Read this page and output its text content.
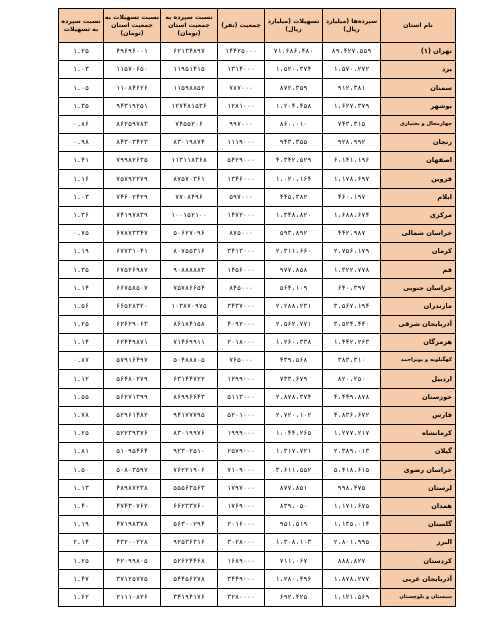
نام استان	سپرده‌ها (میلیارد ریال)	تسهیلات (میلیارد ریال)	جمعیت (نفر)	نسبت سپرده به جمعیت استان (تومان)	نسبت تسهیلات به جمعیت استان (تومان)	نسبت سپرده به تسهیلات
تهران (۱)	۸۹،۴۲۷،۵۵۹	۷۱،۶۸۶،۴۸۰	۱۴۴۲۵۰۰۰	۶۲۱۳۴۸۹۷	۴۹۶۹۶۰۰۱	۱.۲۵
یزد	۱،۵۷۰،۲۷۲	۱،۵۲۰،۳۷۴	۱۳۱۴۰۰۰	۱۱۹۵۱۴۱۵	۱۱۵۷۰۶۵۰	۱.۰۳
سمنان	۹۱۲،۳۸۱	۸۷۲،۳۵۹	۷۸۷۰۰۰	۱۱۵۹۸۸۵۲	۱۱۰۸۴۶۲۶	۱.۰۵
بوشهر	۱،۶۲۷،۳۷۹	۱،۲۰۴،۴۵۸	۱۲۸۱۰۰۰	۱۲۷۴۸۱۵۳۶	۹۴۳۱۹۲۵۱	۱.۳۵
چهارمحال و بختیاری	۷۴۳،۳۱۵	۸۶۰،۰۱۰	۹۹۷۰۰۰	۷۴۵۵۲۰۶	۸۶۲۵۹۷۸۳	۰.۸۶
زنجان	۹۲۸،۹۹۲	۹۴۳،۳۵۵	۱۱۱۹۰۰۰	۸۳۰۱۹۸۷۴	۸۴۳۰۳۴۲۳	۰.۹۸
اصفهان	۶،۱۴۱،۱۹۶	۴،۳۴۲،۵۲۹	۵۴۲۹۰۰۰	۱۱۳۱۱۸۳۶۸	۷۹۹۸۲۶۳۵	۱.۴۱
قزوین	۱،۱۷۸،۶۹۷	۱،۰۲۰،۱۶۴	۱۳۴۶۰۰۰	۸۷۵۷۰۳۶۱	۷۵۷۹۲۲۷۹	۱.۱۶
ایلام	۴۶۰،۱۹۷	۴۴۵،۳۸۲	۵۹۷۰۰۰	۷۷۰۸۴۹۶	۷۴۶۰۲۴۲۹	۱.۰۳
مرکزی	۱،۶۸۸،۶۷۴	۱،۳۴۸،۸۲۰	۱۴۷۲۰۰۰	۱۰۰۱۵۲۱۰۰	۷۴۱۹۷۸۳۹	۱.۳۶
خراسان شمالی	۴۴۲،۹۸۷	۵۹۳،۸۹۲	۸۷۵۰۰۰	۵۰۶۲۷۰۹۶	۶۷۸۷۳۳۴۷	۰.۷۵
کرمان	۲،۷۵۶،۱۷۹	۲،۳۱۱،۶۶۰	۳۴۱۳۰۰۰	۸۰۷۵۵۳۱۶	۶۷۷۳۱۰۴۱	۱.۱۹
قم	۱،۳۲۲،۷۷۸	۹۷۷،۸۵۸	۱۴۵۶۰۰۰	۹۰۸۸۸۸۸۳	۶۷۵۲۶۹۸۷	۱.۳۵
خراسان جنوبی	۶۴۰،۳۹۷	۵۶۴،۱۰۹	۸۴۵۰۰۰	۷۵۷۸۶۶۵۴	۶۶۷۵۸۵۰۷	۱.۱۴
مازندران	۳،۵۶۷،۱۹۴	۲،۲۸۸،۲۳۱	۳۴۳۷۰۰۰	۱۰۳۸۷۰۹۷۵	۶۶۵۲۸۳۲۰	۱.۵۶
آذربایجان شرقی	۳،۵۲۴،۴۴۰	۲،۵۶۲،۷۷۱	۴۰۹۲۰۰۰	۸۶۱۸۴۱۵۸	۶۲۶۲۹۰۶۳	۱.۲۵
هرمزگان	۱،۴۴۲،۲۶۳	۱،۲۶۰،۳۳۸	۲۰۱۸۰۰۰	۷۱۴۶۹۹۱۱	۶۲۴۴۹۸۷۱	۱.۱۴
کهگیلویه و بویراحمد	۳۸۳،۳۱۰	۴۳۹،۵۶۸	۷۶۵۰۰۰	۵۰۴۸۸۸۰۵	۵۷۹۱۶۴۹۷	۰.۸۷
اردبیل	۸۲۰،۲۵۰	۷۳۳،۶۷۹	۱۲۹۹۰۰۰	۶۳۱۴۴۷۲۲	۵۶۴۸۰۲۷۹	۱.۱۲
خوزستان	۴،۴۴۹،۸۷۸	۲،۸۷۸،۳۷۴	۵۱۱۳۰۰۰	۸۶۹۹۶۶۴۳	۵۶۲۷۱۳۹۹	۱.۵۵
فارس	۴،۸۳۶،۶۷۲	۲،۷۲۰،۱۰۲	۵۲۰۱۰۰۰	۹۴۱۷۷۷۹۵	۵۲۹۶۱۴۸۲	۱.۷۸
کرمانشاه	۱،۲۷۷،۲۱۷	۱،۰۴۴،۲۶۵	۱۹۹۹۰۰۰	۸۳۰۱۹۹۷۶	۵۲۲۳۹۳۷۶	۱.۲۵
گیلان	۲،۳۸۹،۰۱۳	۱،۳۱۷،۷۲۱	۲۵۷۹۰۰۰	۹۲۳۰۲۵۱۰	۵۱۰۹۵۴۶۴	۱.۸۱
خراسان رضوی	۵،۴۱۸،۶۱۵	۳،۶۱۱،۵۵۲	۷۱۰۹۰۰۰	۷۶۲۲۱۹۰۶	۵۰۸۰۳۵۹۷	۱.۵۰
لرستان	۹۹۸،۴۷۵	۸۷۷،۸۵۱	۱۷۹۷۰۰۰	۵۵۵۶۳۵۶۳	۴۸۹۸۷۲۳۸	۱.۱۳
همدان	۱،۱۷۱،۶۷۵	۸۳۹،۰۵۰	۱۷۶۹۰۰۰	۶۶۲۳۳۷۶۰	۴۷۴۳۰۷۶۲	۱.۴۰
گلستان	۱،۱۳۵،۰۱۴	۹۵۱،۵۱۹	۲۰۱۶۰۰۰	۵۶۳۰۰۲۹۴	۴۷۱۹۸۳۷۸	۱.۱۹
البرز	۲،۸۰۱،۹۹۵	۱،۳۰۸،۱۰۳	۳۰۲۸۰۰۰	۹۲۵۳۶۳۱۶	۴۳۲۰۰۲۲۸	۲.۱۴
کردستان	۸۸۸،۸۲۷	۷۱۱،۰۶۷	۱۶۸۹۰۰۰	۵۲۶۲۴۴۶۸	۴۲۰۹۹۸۰۵	۱.۲۵
آذربایجان غربی	۱،۸۷۸،۲۷۷	۱،۲۸۰،۴۹۶	۳۴۴۹۰۰۰	۵۴۴۵۶۲۷۸	۳۷۱۲۵۷۷۵	۱.۴۷
سیستان و بلوچستان	۱،۱۲۱،۵۶۹	۶۹۲،۴۲۵	۳۲۸۰۰۰۰	۳۴۱۹۴۱۷۶	۲۱۱۱۰۸۲۶	۱.۶۲
